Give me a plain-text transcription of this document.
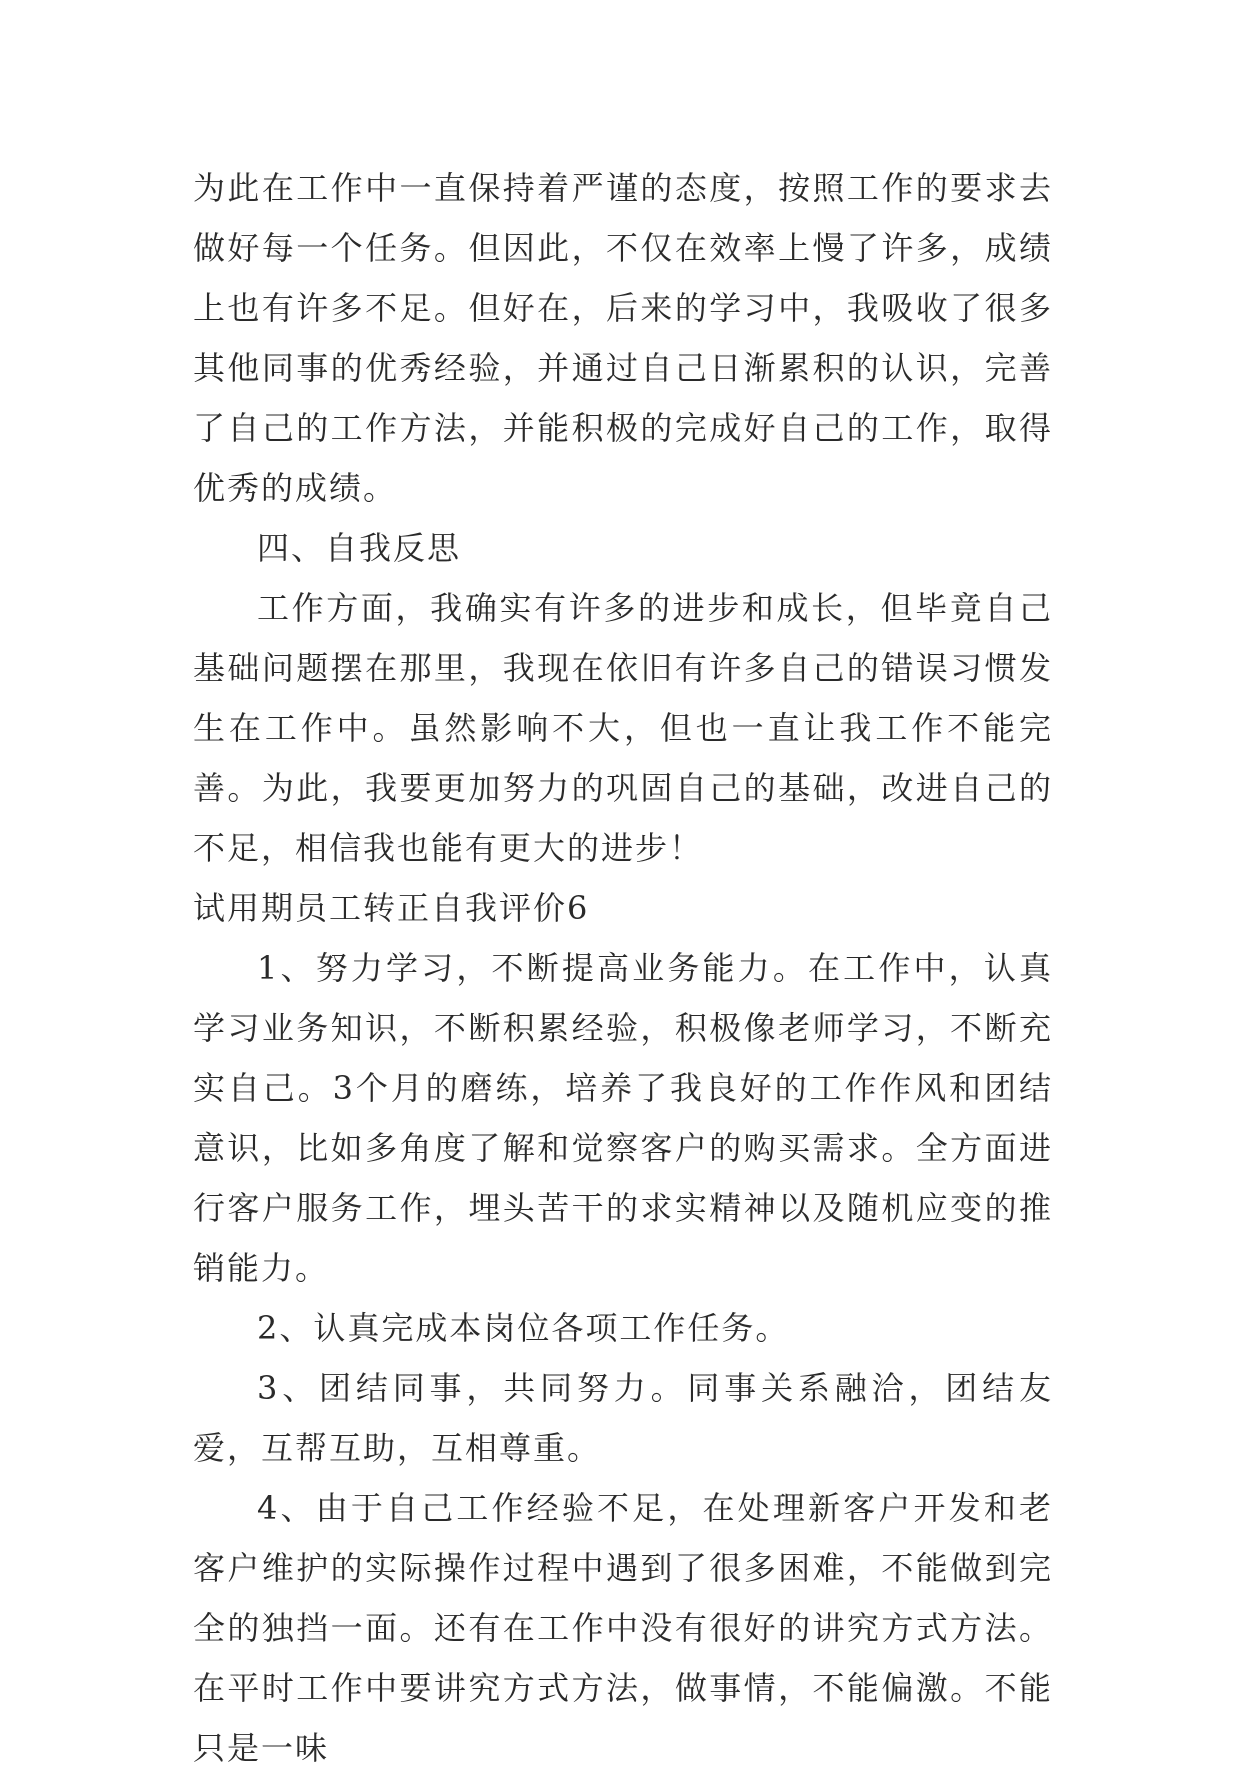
为此在工作中一直保持着严谨的态度，按照工作的要求去做好每一个任务。但因此，不仅在效率上慢了许多，成绩上也有许多不足。但好在，后来的学习中，我吸收了很多其他同事的优秀经验，并通过自己日渐累积的认识，完善了自己的工作方法，并能积极的完成好自己的工作，取得优秀的成绩。

四、自我反思

工作方面，我确实有许多的进步和成长，但毕竟自己基础问题摆在那里，我现在依旧有许多自己的错误习惯发生在工作中。虽然影响不大，但也一直让我工作不能完善。为此，我要更加努力的巩固自己的基础，改进自己的不足，相信我也能有更大的进步！

试用期员工转正自我评价6

1、努力学习，不断提高业务能力。在工作中，认真学习业务知识，不断积累经验，积极像老师学习，不断充实自己。3个月的磨练，培养了我良好的工作作风和团结意识，比如多角度了解和觉察客户的购买需求。全方面进行客户服务工作，埋头苦干的求实精神以及随机应变的推销能力。

2、认真完成本岗位各项工作任务。

3、团结同事，共同努力。同事关系融洽，团结友爱，互帮互助，互相尊重。

4、由于自己工作经验不足，在处理新客户开发和老客户维护的实际操作过程中遇到了很多困难，不能做到完全的独挡一面。还有在工作中没有很好的讲究方式方法。在平时工作中要讲究方式方法，做事情，不能偏激。不能只是一味
